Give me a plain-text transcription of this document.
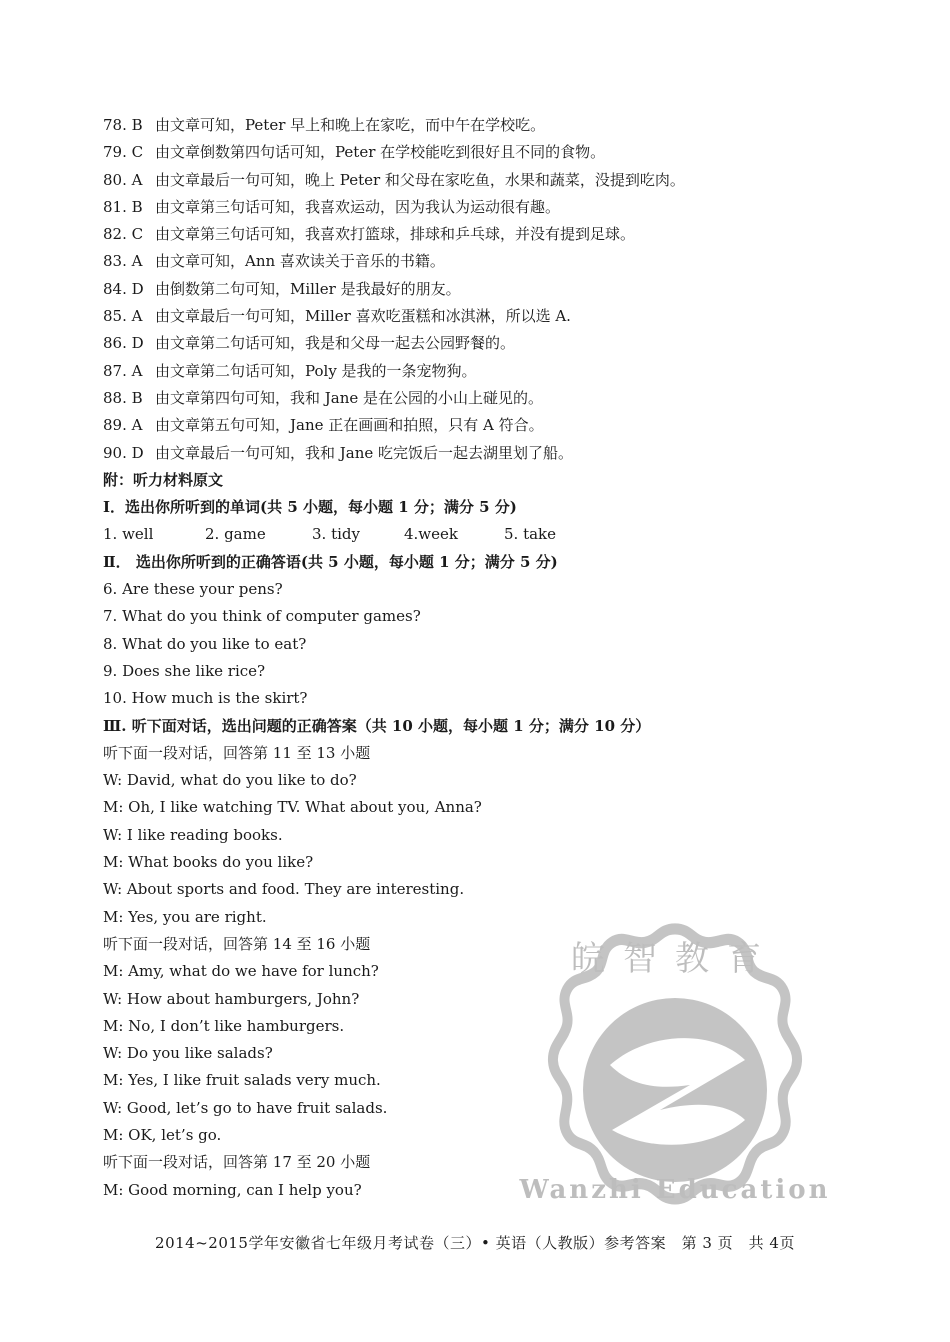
78. B 由文章可知，Peter 早上和晚上在家吃，而中午在学校吃。
79. C 由文章倒数第四句话可知，Peter 在学校能吃到很好且不同的食物。
80. A 由文章最后一句可知，晚上 Peter 和父母在家吃鱼，水果和蔬菜，没提到吃肉。
81. B 由文章第三句话可知，我喜欢运动，因为我认为运动很有趣。
82. C 由文章第三句话可知，我喜欢打篮球，排球和乒乓球，并没有提到足球。
83. A 由文章可知，Ann 喜欢读关于音乐的书籍。
84. D 由倒数第二句可知，Miller 是我最好的朋友。
85. A 由文章最后一句可知，Miller 喜欢吃蛋糕和冰淇淋，所以选 A.
86. D 由文章第二句话可知，我是和父母一起去公园野餐的。
87. A 由文章第二句话可知，Poly 是我的一条宠物狗。
88. B 由文章第四句可知，我和 Jane 是在公园的小山上碰见的。
89. A 由文章第五句可知，Jane 正在画画和拍照，只有 A 符合。
90. D 由文章最后一句可知，我和 Jane 吃完饭后一起去湖里划了船。
附：听力材料原文
Ⅰ．选出你所听到的单词(共 5 小题，每小题 1 分；满分 5 分)
1. well	2. game	3. tidy	4.week	5. take
Ⅱ． 选出你所听到的正确答语(共 5 小题，每小题 1 分；满分 5 分)
6. Are these your pens?
7. What do you think of computer games?
8. What do you like to eat?
9. Does she like rice?
10. How much is the skirt?
Ⅲ. 听下面对话，选出问题的正确答案（共 10 小题，每小题 1 分；满分 10 分）
听下面一段对话，回答第 11 至 13 小题
W: David, what do you like to do?
M: Oh, I like watching TV. What about you, Anna?
W: I like reading books.
M: What books do you like?
W: About sports and food. They are interesting.
M: Yes, you are right.
听下面一段对话，回答第 14 至 16 小题
M: Amy, what do we have for lunch?
W: How about hamburgers, John?
M: No, I don’t like hamburgers.
W: Do you like salads?
M: Yes, I like fruit salads very much.
W: Good, let’s go to have fruit salads.
M: OK, let’s go.
听下面一段对话，回答第 17 至 20 小题
M: Good morning, can I help you?
皖智教育
Wanzhi Education
2014~2015学年安徽省七年级月考试卷（三）• 英语（人教版）参考答案　第 3 页　共 4页
